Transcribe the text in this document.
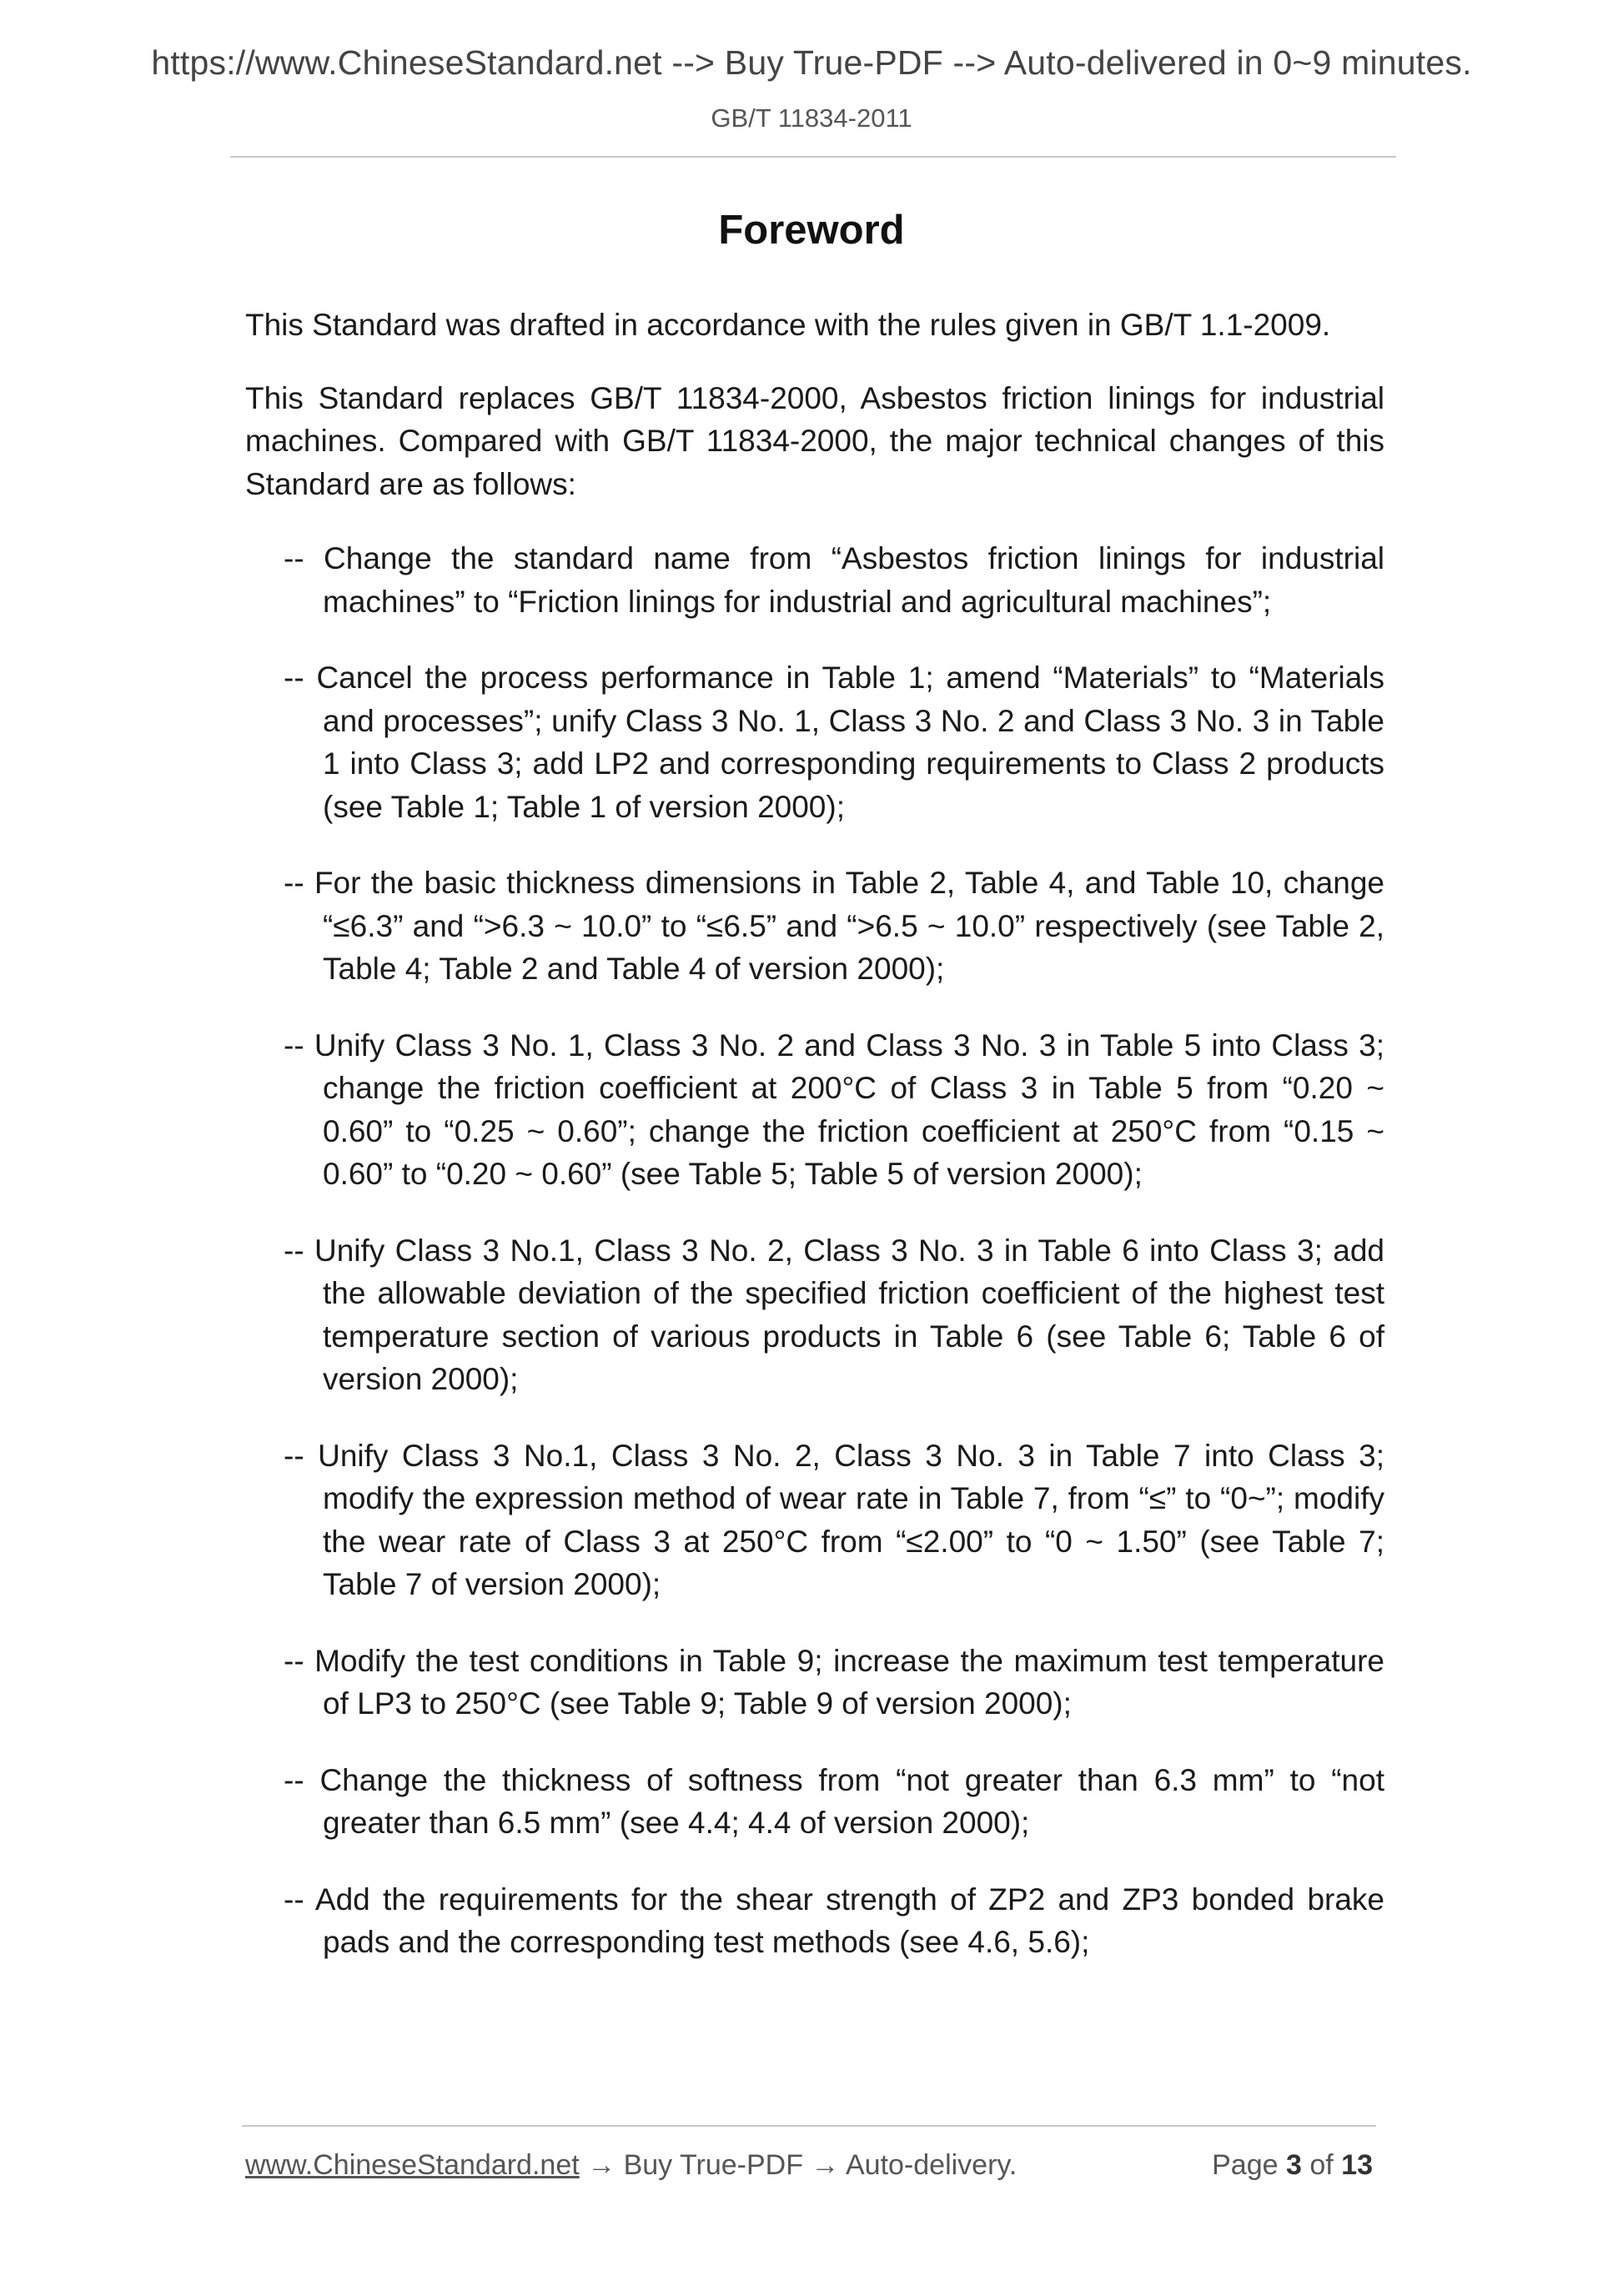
https://www.ChineseStandard.net --> Buy True-PDF --> Auto-delivered in 0~9 minutes.
GB/T 11834-2011
Foreword

This Standard was drafted in accordance with the rules given in GB/T 1.1-2009.

This Standard replaces GB/T 11834-2000, Asbestos friction linings for industrial machines. Compared with GB/T 11834-2000, the major technical changes of this Standard are as follows:

-- Change the standard name from “Asbestos friction linings for industrial machines” to “Friction linings for industrial and agricultural machines”;
-- Cancel the process performance in Table 1; amend “Materials” to “Materials and processes”; unify Class 3 No. 1, Class 3 No. 2 and Class 3 No. 3 in Table 1 into Class 3; add LP2 and corresponding requirements to Class 2 products (see Table 1; Table 1 of version 2000);
-- For the basic thickness dimensions in Table 2, Table 4, and Table 10, change “≤6.3” and “>6.3 ~ 10.0” to “≤6.5” and “>6.5 ~ 10.0” respectively (see Table 2, Table 4; Table 2 and Table 4 of version 2000);
-- Unify Class 3 No. 1, Class 3 No. 2 and Class 3 No. 3 in Table 5 into Class 3; change the friction coefficient at 200°C of Class 3 in Table 5 from “0.20 ~ 0.60” to “0.25 ~ 0.60”; change the friction coefficient at 250°C from “0.15 ~ 0.60” to “0.20 ~ 0.60” (see Table 5; Table 5 of version 2000);
-- Unify Class 3 No.1, Class 3 No. 2, Class 3 No. 3 in Table 6 into Class 3; add the allowable deviation of the specified friction coefficient of the highest test temperature section of various products in Table 6 (see Table 6; Table 6 of version 2000);
-- Unify Class 3 No.1, Class 3 No. 2, Class 3 No. 3 in Table 7 into Class 3; modify the expression method of wear rate in Table 7, from “≤” to “0~”; modify the wear rate of Class 3 at 250°C from “≤2.00” to “0 ~ 1.50” (see Table 7; Table 7 of version 2000);
-- Modify the test conditions in Table 9; increase the maximum test temperature of LP3 to 250°C (see Table 9; Table 9 of version 2000);
-- Change the thickness of softness from “not greater than 6.3 mm” to “not greater than 6.5 mm” (see 4.4; 4.4 of version 2000);
-- Add the requirements for the shear strength of ZP2 and ZP3 bonded brake pads and the corresponding test methods (see 4.6, 5.6);
www.ChineseStandard.net → Buy True-PDF → Auto-delivery.	Page 3 of 13
